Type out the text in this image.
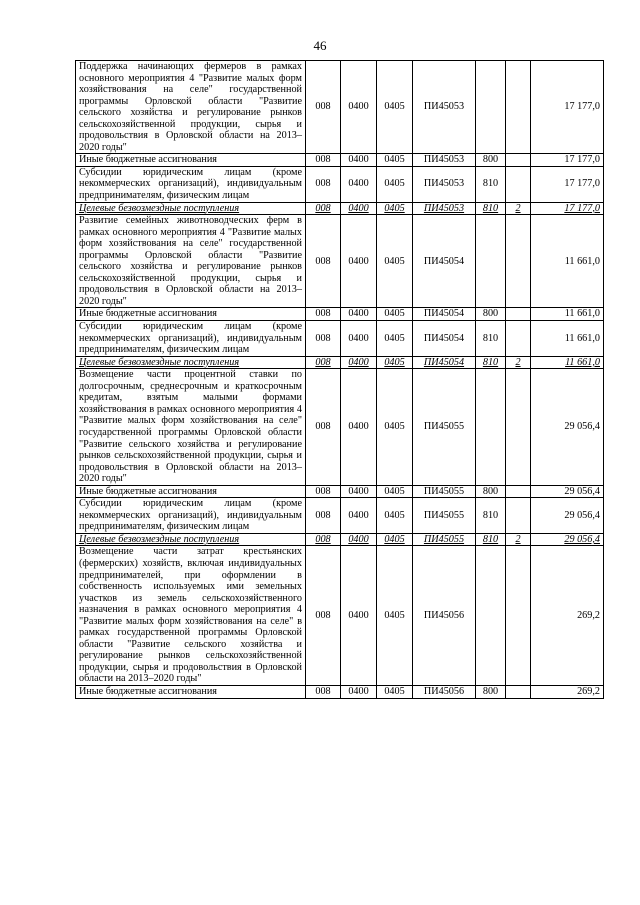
46
Поддержка начинающих фермеров в рамках основного мероприятия 4 "Развитие малых форм хозяйствования на селе" государственной программы Орловской области "Развитие сельского хозяйства и регулирование рынков сельскохозяйственной продукции, сырья и продовольствия в Орловской области на 2013–2020 годы"	008	0400	0405	ПИ45053			17 177,0
Иные бюджетные ассигнования	008	0400	0405	ПИ45053	800		17 177,0
Субсидии юридическим лицам (кроме некоммерческих организаций), индивидуальным предпринимателям, физическим лицам	008	0400	0405	ПИ45053	810		17 177,0
Целевые безвозмездные поступления	008	0400	0405	ПИ45053	810	2	17 177,0
Развитие семейных животноводческих ферм в рамках основного мероприятия 4 "Развитие малых форм хозяйствования на селе" государственной программы Орловской области "Развитие сельского хозяйства и регулирование рынков сельскохозяйственной продукции, сырья и продовольствия в Орловской области на 2013–2020 годы"	008	0400	0405	ПИ45054			11 661,0
Иные бюджетные ассигнования	008	0400	0405	ПИ45054	800		11 661,0
Субсидии юридическим лицам (кроме некоммерческих организаций), индивидуальным предпринимателям, физическим лицам	008	0400	0405	ПИ45054	810		11 661,0
Целевые безвозмездные поступления	008	0400	0405	ПИ45054	810	2	11 661,0
Возмещение части процентной ставки по долгосрочным, среднесрочным и краткосрочным кредитам, взятым малыми формами хозяйствования в рамках основного мероприятия 4 "Развитие малых форм хозяйствования на селе" государственной программы Орловской области "Развитие сельского хозяйства и регулирование рынков сельскохозяйственной продукции, сырья и продовольствия в Орловской области на 2013–2020 годы"	008	0400	0405	ПИ45055			29 056,4
Иные бюджетные ассигнования	008	0400	0405	ПИ45055	800		29 056,4
Субсидии юридическим лицам (кроме некоммерческих организаций), индивидуальным предпринимателям, физическим лицам	008	0400	0405	ПИ45055	810		29 056,4
Целевые безвозмездные поступления	008	0400	0405	ПИ45055	810	2	29 056,4
Возмещение части затрат крестьянских (фермерских) хозяйств, включая индивидуальных предпринимателей, при оформлении в собственность используемых ими земельных участков из земель сельскохозяйственного назначения в рамках основного мероприятия 4 "Развитие малых форм хозяйствования на селе" в рамках государственной программы Орловской области "Развитие сельского хозяйства и регулирование рынков сельскохозяйственной продукции, сырья и продовольствия в Орловской области на 2013–2020 годы"	008	0400	0405	ПИ45056			269,2
Иные бюджетные ассигнования	008	0400	0405	ПИ45056	800		269,2
